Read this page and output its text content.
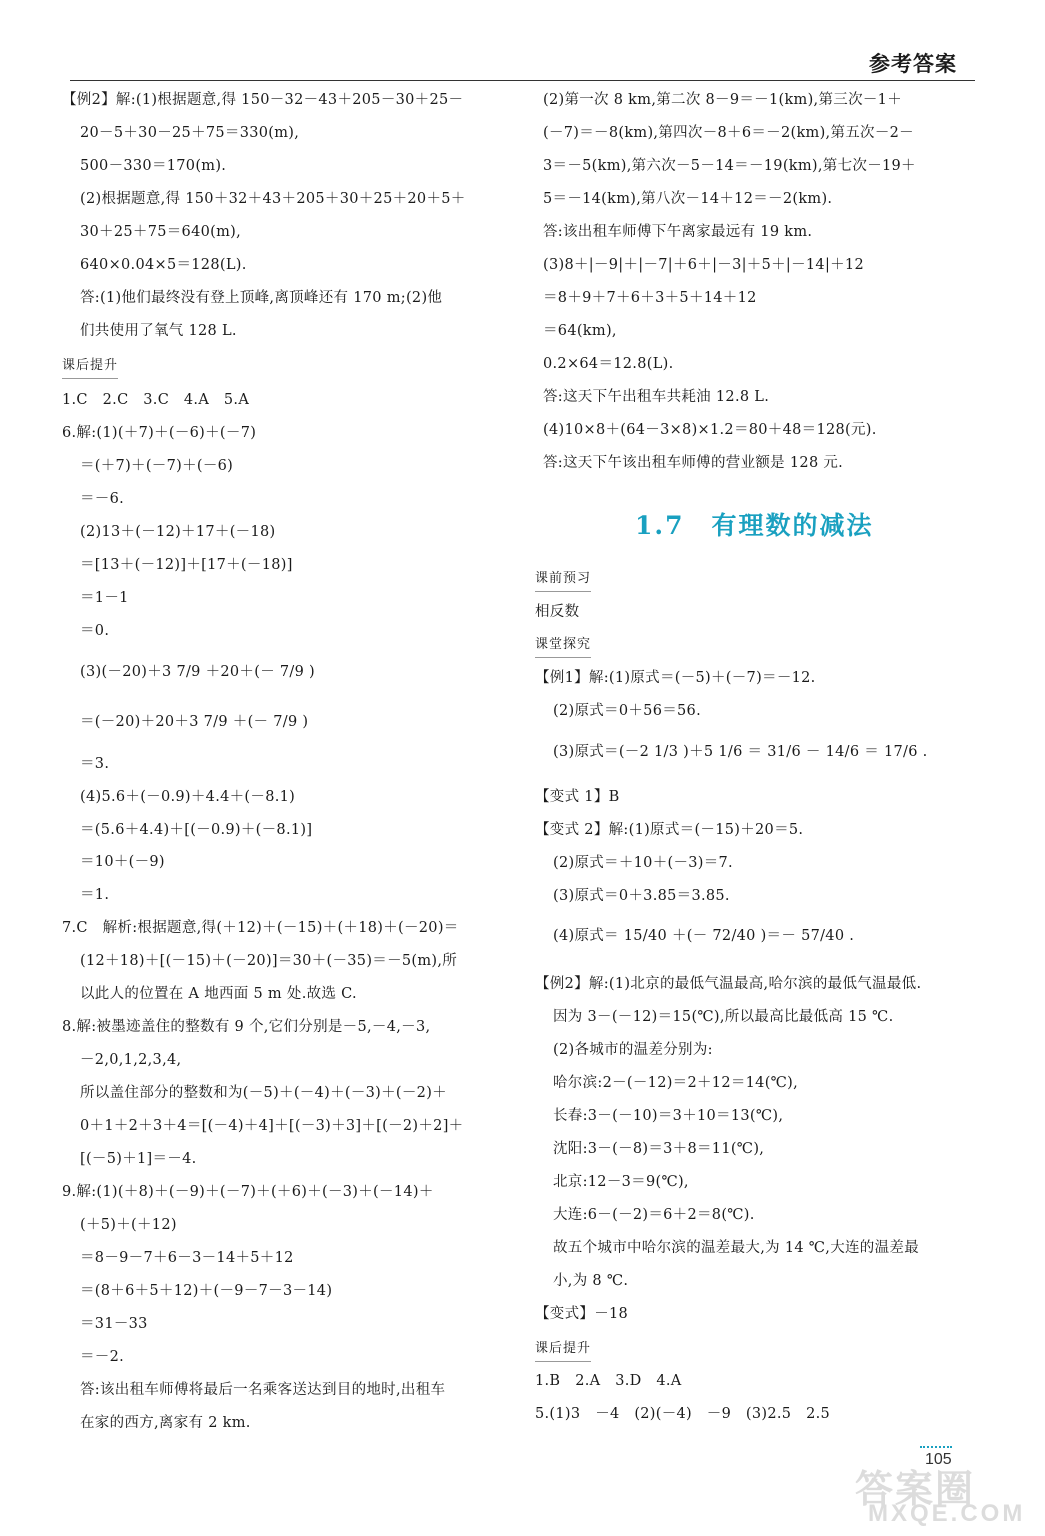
参考答案
【例2】解:(1)根据题意,得 150－32－43＋205－30＋25－
20－5＋30－25＋75＝330(m),
500－330＝170(m).
(2)根据题意,得 150＋32＋43＋205＋30＋25＋20＋5＋
30＋25＋75＝640(m),
640×0.04×5＝128(L).
答:(1)他们最终没有登上顶峰,离顶峰还有 170 m;(2)他
们共使用了氧气 128 L.
课后提升
1.C　2.C　3.C　4.A　5.A
6.解:(1)(＋7)＋(－6)＋(－7)
＝(＋7)＋(－7)＋(－6)
＝－6.
(2)13＋(－12)＋17＋(－18)
＝[13＋(－12)]＋[17＋(－18)]
＝1－1
＝0.
(3)(－20)＋3 7/9 ＋20＋(－ 7/9 )
＝(－20)＋20＋3 7/9 ＋(－ 7/9 )
＝3.
(4)5.6＋(－0.9)＋4.4＋(－8.1)
＝(5.6＋4.4)＋[(－0.9)＋(－8.1)]
＝10＋(－9)
＝1.
7.C　解析:根据题意,得(＋12)＋(－15)＋(＋18)＋(－20)＝
(12＋18)＋[(－15)＋(－20)]＝30＋(－35)＝－5(m),所
以此人的位置在 A 地西面 5 m 处.故选 C.
8.解:被墨迹盖住的整数有 9 个,它们分别是－5,－4,－3,
－2,0,1,2,3,4,
所以盖住部分的整数和为(－5)＋(－4)＋(－3)＋(－2)＋
0＋1＋2＋3＋4＝[(－4)＋4]＋[(－3)＋3]＋[(－2)＋2]＋
[(－5)＋1]＝－4.
9.解:(1)(＋8)＋(－9)＋(－7)＋(＋6)＋(－3)＋(－14)＋
(＋5)＋(＋12)
＝8－9－7＋6－3－14＋5＋12
＝(8＋6＋5＋12)＋(－9－7－3－14)
＝31－33
＝－2.
答:该出租车师傅将最后一名乘客送达到目的地时,出租车
在家的西方,离家有 2 km.
(2)第一次 8 km,第二次 8－9＝－1(km),第三次－1＋
(－7)＝－8(km),第四次－8＋6＝－2(km),第五次－2－
3＝－5(km),第六次－5－14＝－19(km),第七次－19＋
5＝－14(km),第八次－14＋12＝－2(km).
答:该出租车师傅下午离家最远有 19 km.
(3)8＋|－9|＋|－7|＋6＋|－3|＋5＋|－14|＋12
＝8＋9＋7＋6＋3＋5＋14＋12
＝64(km),
0.2×64＝12.8(L).
答:这天下午出租车共耗油 12.8 L.
(4)10×8＋(64－3×8)×1.2＝80＋48＝128(元).
答:这天下午该出租车师傅的营业额是 128 元.
1.7　有理数的减法
课前预习
相反数
课堂探究
【例1】解:(1)原式＝(－5)＋(－7)＝－12.
(2)原式＝0＋56＝56.
(3)原式＝(－2 1/3 )＋5 1/6 ＝ 31/6 － 14/6 ＝ 17/6 .
【变式 1】B
【变式 2】解:(1)原式＝(－15)＋20＝5.
(2)原式＝＋10＋(－3)＝7.
(3)原式＝0＋3.85＝3.85.
(4)原式＝ 15/40 ＋(－ 72/40 )＝－ 57/40 .
【例2】解:(1)北京的最低气温最高,哈尔滨的最低气温最低.
因为 3－(－12)＝15(℃),所以最高比最低高 15 ℃.
(2)各城市的温差分别为:
哈尔滨:2－(－12)＝2＋12＝14(℃),
长春:3－(－10)＝3＋10＝13(℃),
沈阳:3－(－8)＝3＋8＝11(℃),
北京:12－3＝9(℃),
大连:6－(－2)＝6＋2＝8(℃).
故五个城市中哈尔滨的温差最大,为 14 ℃,大连的温差最
小,为 8 ℃.
【变式】－18
课后提升
1.B　2.A　3.D　4.A
5.(1)3　－4　(2)(－4)　－9　(3)2.5　2.5
105
答案圈
MXQE.COM
